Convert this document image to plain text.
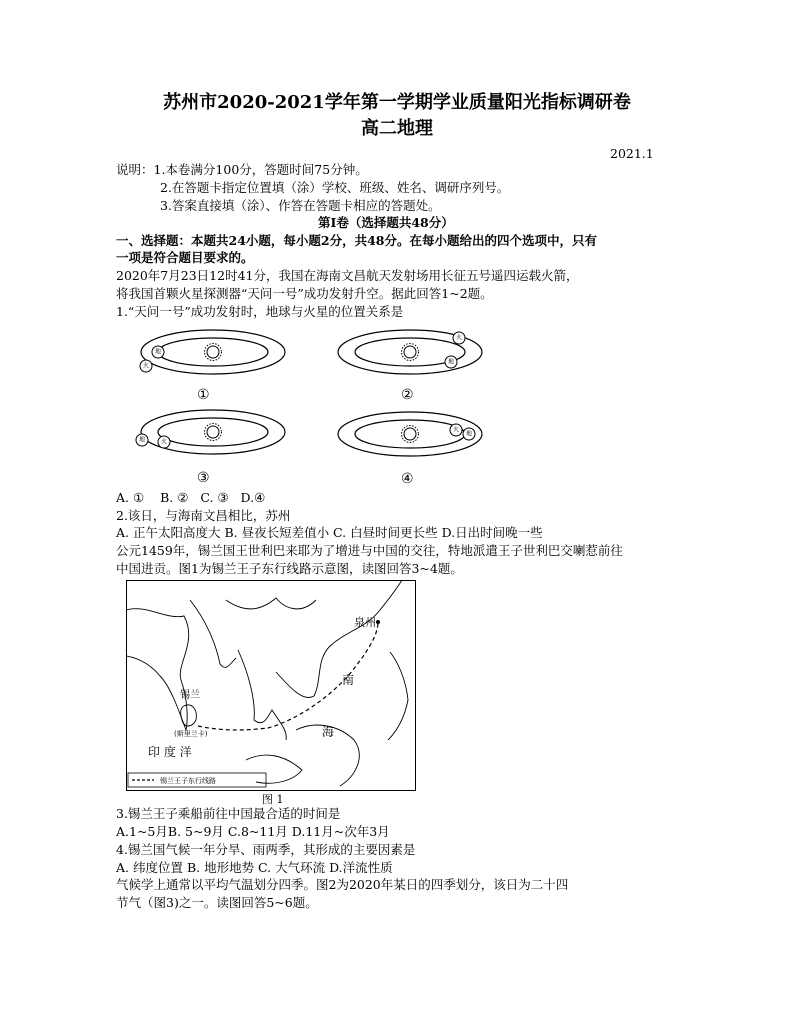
苏州市2020-2021学年第一学期学业质量阳光指标调研卷
高二地理
2021.1
说明：1.本卷满分100分，答题时间75分钟。
2.在答题卡指定位置填（涂）学校、班级、姓名、调研序列号。
3.答案直接填（涂）、作答在答题卡相应的答题处。
第Ⅰ卷（选择题共48分）
一、选择题：本题共24小题，每小题2分，共48分。在每小题给出的四个选项中，只有
一项是符合题目要求的。
2020年7月23日12时41分，我国在海南文昌航天发射场用长征五号遥四运载火箭，
将我国首颗火星探测器“天问一号”成功发射升空。据此回答1~2题。
1.“天问一号”成功发射时，地球与火星的位置关系是
地
火
火
地
地	火
火
地
①	②
③	④
A. ①    B. ②   C. ③   D.④
2.该日，与海南文昌相比，苏州
A. 正午太阳高度大 B. 昼夜长短差值小 C. 白昼时间更长些 D.日出时间晚一些
公元1459年，锡兰国王世利巴来耶为了增进与中国的交往，特地派遣王子世利巴交喇惹前往
中国进贡。图1为锡兰王子东行线路示意图，读图回答3~4题。
泉州
南
海
锡兰
(斯里兰卡)
印 度 洋
锡兰王子东行线路
图 1
3.锡兰王子乘船前往中国最合适的时间是
A.1~5月B. 5~9月 C.8~11月 D.11月~次年3月
4.锡兰国气候一年分旱、雨两季，其形成的主要因素是
A. 纬度位置 B. 地形地势 C. 大气环流 D.洋流性质
气候学上通常以平均气温划分四季。图2为2020年某日的四季划分，该日为二十四
节气（图3)之一。读图回答5~6题。
